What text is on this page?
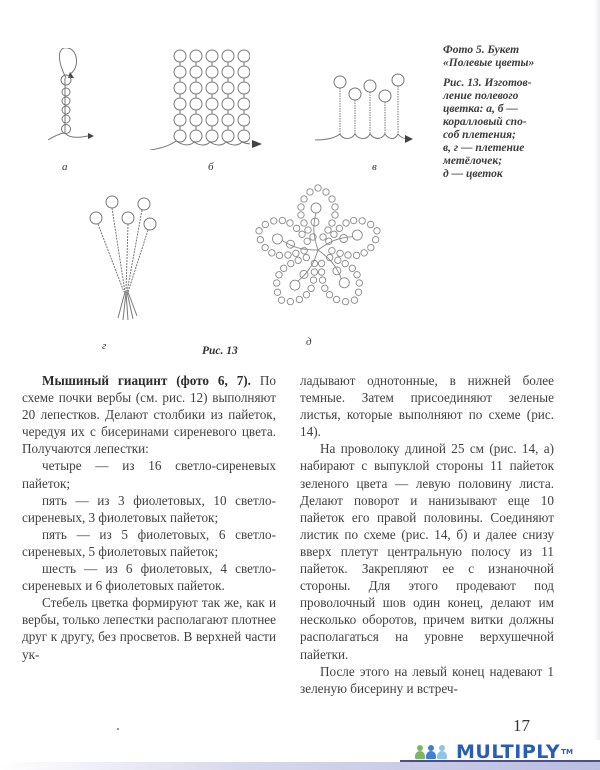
а	б	в
г	д

Фото 5. Букет
«Полевые цветы»

Рис. 13. Изготов-
ление полевого
цветка: а, б —
коралловый спо-
соб плетения;
в, г — плетение
метёлочек;
д — цветок

Рис. 13

Мышиный гиацинт (фото 6, 7). По схеме почки вербы (см. рис. 12) выполняют 20 лепестков. Делают столбики из пайеток, чередуя их с бисеринами сиреневого цвета. Получаются лепестки:

четыре — из 16 светло-сиреневых пайеток;

пять — из 3 фиолетовых, 10 светло-сиреневых, 3 фиолетовых пайеток;

пять — из 5 фиолетовых, 6 светло-сиреневых, 5 фиолетовых пайеток;

шесть — из 6 фиолетовых, 4 светло-сиреневых и 6 фиолетовых пайеток.

Стебель цветка формируют так же, как и вербы, только лепестки располагают плотнее друг к другу, без просветов. В верхней части ук-

ладывают однотонные, в нижней более темные. Затем присоединяют зеленые листья, которые выполняют по схеме (рис. 14).

На проволоку длиной 25 см (рис. 14, а) набирают с выпуклой стороны 11 пайеток зеленого цвета — левую половину листа. Делают поворот и нанизывают еще 10 пайеток его правой половины. Соединяют листик по схеме (рис. 14, б) и далее снизу вверх плетут центральную полосу из 11 пайеток. Закрепляют ее с изнаночной стороны. Для этого продевают под проволочный шов один конец, делают им несколько оборотов, причем витки должны располагаться на уровне верхушечной пайетки.

После этого на левый конец надевают 1 зеленую бисерину и встреч-

17
MULTIPLY TM
